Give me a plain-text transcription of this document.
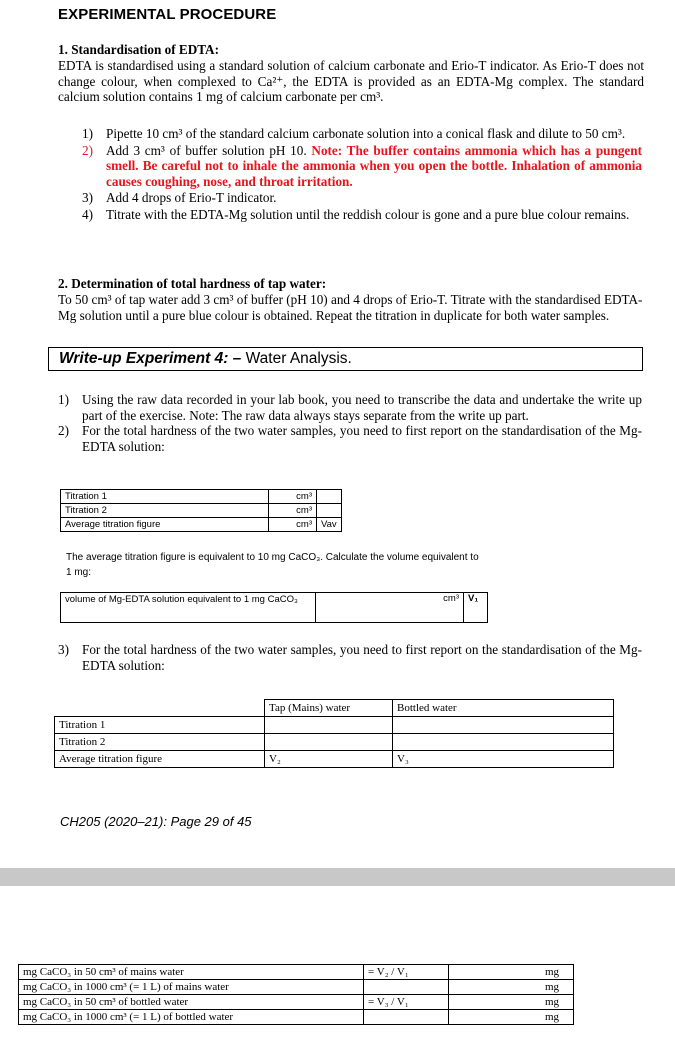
EXPERIMENTAL PROCEDURE
1. Standardisation of EDTA:
EDTA is standardised using a standard solution of calcium carbonate and Erio-T indicator. As Erio-T does not change colour, when complexed to Ca²⁺, the EDTA is provided as an EDTA-Mg complex. The standard calcium solution contains 1 mg of calcium carbonate per cm³.
1) Pipette 10 cm³ of the standard calcium carbonate solution into a conical flask and dilute to 50 cm³.
2) Add 3 cm³ of buffer solution pH 10. Note: The buffer contains ammonia which has a pungent smell. Be careful not to inhale the ammonia when you open the bottle. Inhalation of ammonia causes coughing, nose, and throat irritation.
3) Add 4 drops of Erio-T indicator.
4) Titrate with the EDTA-Mg solution until the reddish colour is gone and a pure blue colour remains.
2. Determination of total hardness of tap water:
To 50 cm³ of tap water add 3 cm³ of buffer (pH 10) and 4 drops of Erio-T. Titrate with the standardised EDTA-Mg solution until a pure blue colour is obtained. Repeat the titration in duplicate for both water samples.
Write-up Experiment 4: – Water Analysis.
1) Using the raw data recorded in your lab book, you need to transcribe the data and undertake the write up part of the exercise. Note: The raw data always stays separate from the write up part.
2) For the total hardness of the two water samples, you need to first report on the standardisation of the Mg-EDTA solution:
Titration 1	cm³	
Titration 2	cm³	
Average titration figure	cm³	Vav
The average titration figure is equivalent to 10 mg CaCO₃. Calculate the volume equivalent to 1 mg:
volume of Mg-EDTA solution equivalent to 1 mg CaCO₃	cm³	V₁
3) For the total hardness of the two water samples, you need to first report on the standardisation of the Mg-EDTA solution:
	Tap (Mains) water	Bottled water
Titration 1		
Titration 2		
Average titration figure	V₂	V₃
CH205 (2020–21): Page 29 of 45
mg CaCO₃ in 50 cm³ of mains water	= V₂ / V₁	mg
mg CaCO₃ in 1000 cm³ (= 1 L) of mains water		mg
mg CaCO₃ in 50 cm³ of bottled water	= V₃ / V₁	mg
mg CaCO₃ in 1000 cm³ (= 1 L) of bottled water		mg
